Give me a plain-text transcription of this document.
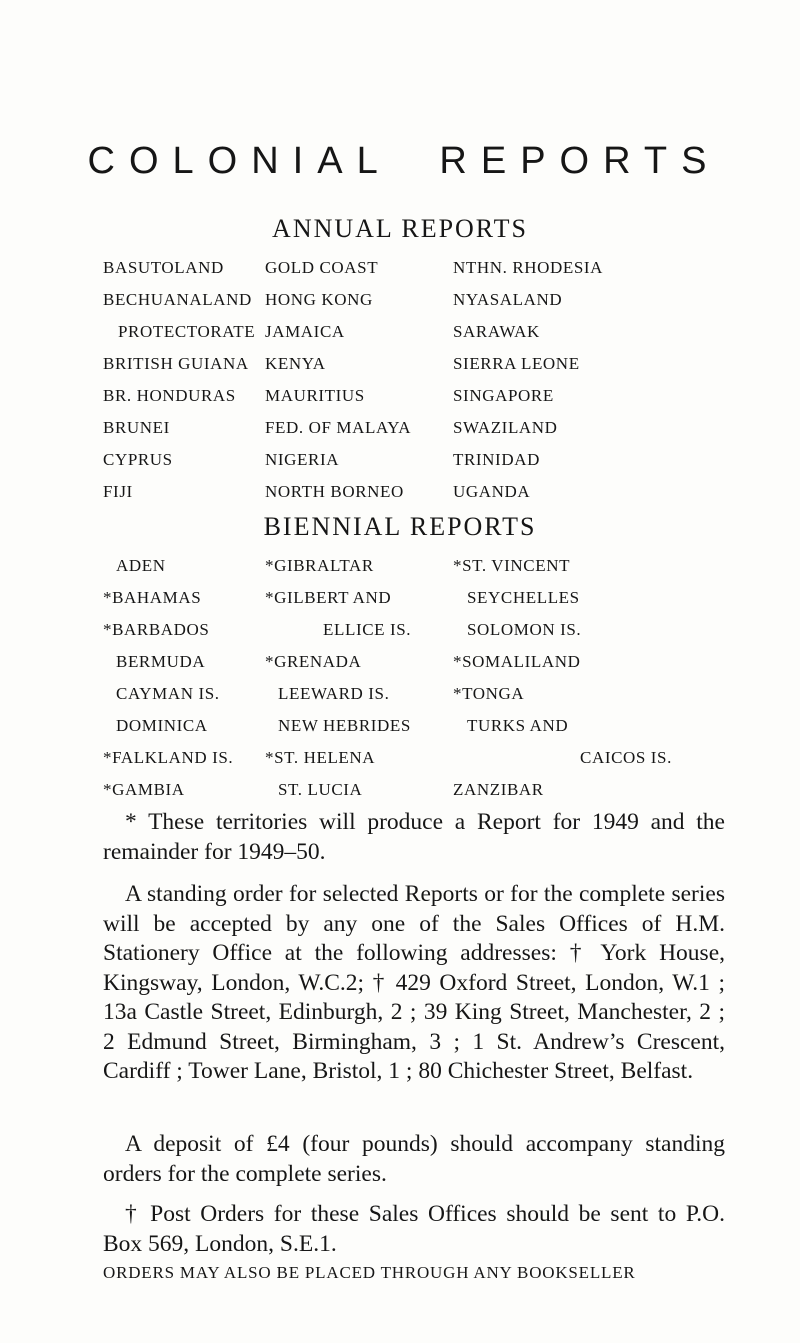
COLONIAL  REPORTS
ANNUAL REPORTS
BASUTOLAND
BECHUANALAND
PROTECTORATE
BRITISH GUIANA
BR. HONDURAS
BRUNEI
CYPRUS
FIJI
GOLD COAST
HONG KONG
JAMAICA
KENYA
MAURITIUS
FED. OF MALAYA
NIGERIA
NORTH BORNEO
NTHN. RHODESIA
NYASALAND
SARAWAK
SIERRA LEONE
SINGAPORE
SWAZILAND
TRINIDAD
UGANDA
BIENNIAL REPORTS
ADEN
*BAHAMAS
*BARBADOS
BERMUDA
CAYMAN IS.
DOMINICA
*FALKLAND IS.
*GAMBIA
*GIBRALTAR
*GILBERT AND
ELLICE IS.
*GRENADA
LEEWARD IS.
NEW HEBRIDES
*ST. HELENA
ST. LUCIA
*ST. VINCENT
SEYCHELLES
SOLOMON IS.
*SOMALILAND
*TONGA
TURKS AND
CAICOS IS.
ZANZIBAR

* These territories will produce a Report for 1949 and the remainder for 1949–50.

A standing order for selected Reports or for the complete series will be accepted by any one of the Sales Offices of H.M. Stationery Office at the following addresses: † York House, Kingsway, London, W.C.2; † 429 Oxford Street, London, W.1 ; 13a Castle Street, Edinburgh, 2 ; 39 King Street, Manchester, 2 ; 2 Edmund Street, Birmingham, 3 ; 1 St. Andrew’s Crescent, Cardiff ; Tower Lane, Bristol, 1 ; 80 Chichester Street, Belfast.

A deposit of £4 (four pounds) should accompany standing orders for the complete series.

† Post Orders for these Sales Offices should be sent to P.O. Box 569, London, S.E.1.

ORDERS MAY ALSO BE PLACED THROUGH ANY BOOKSELLER
